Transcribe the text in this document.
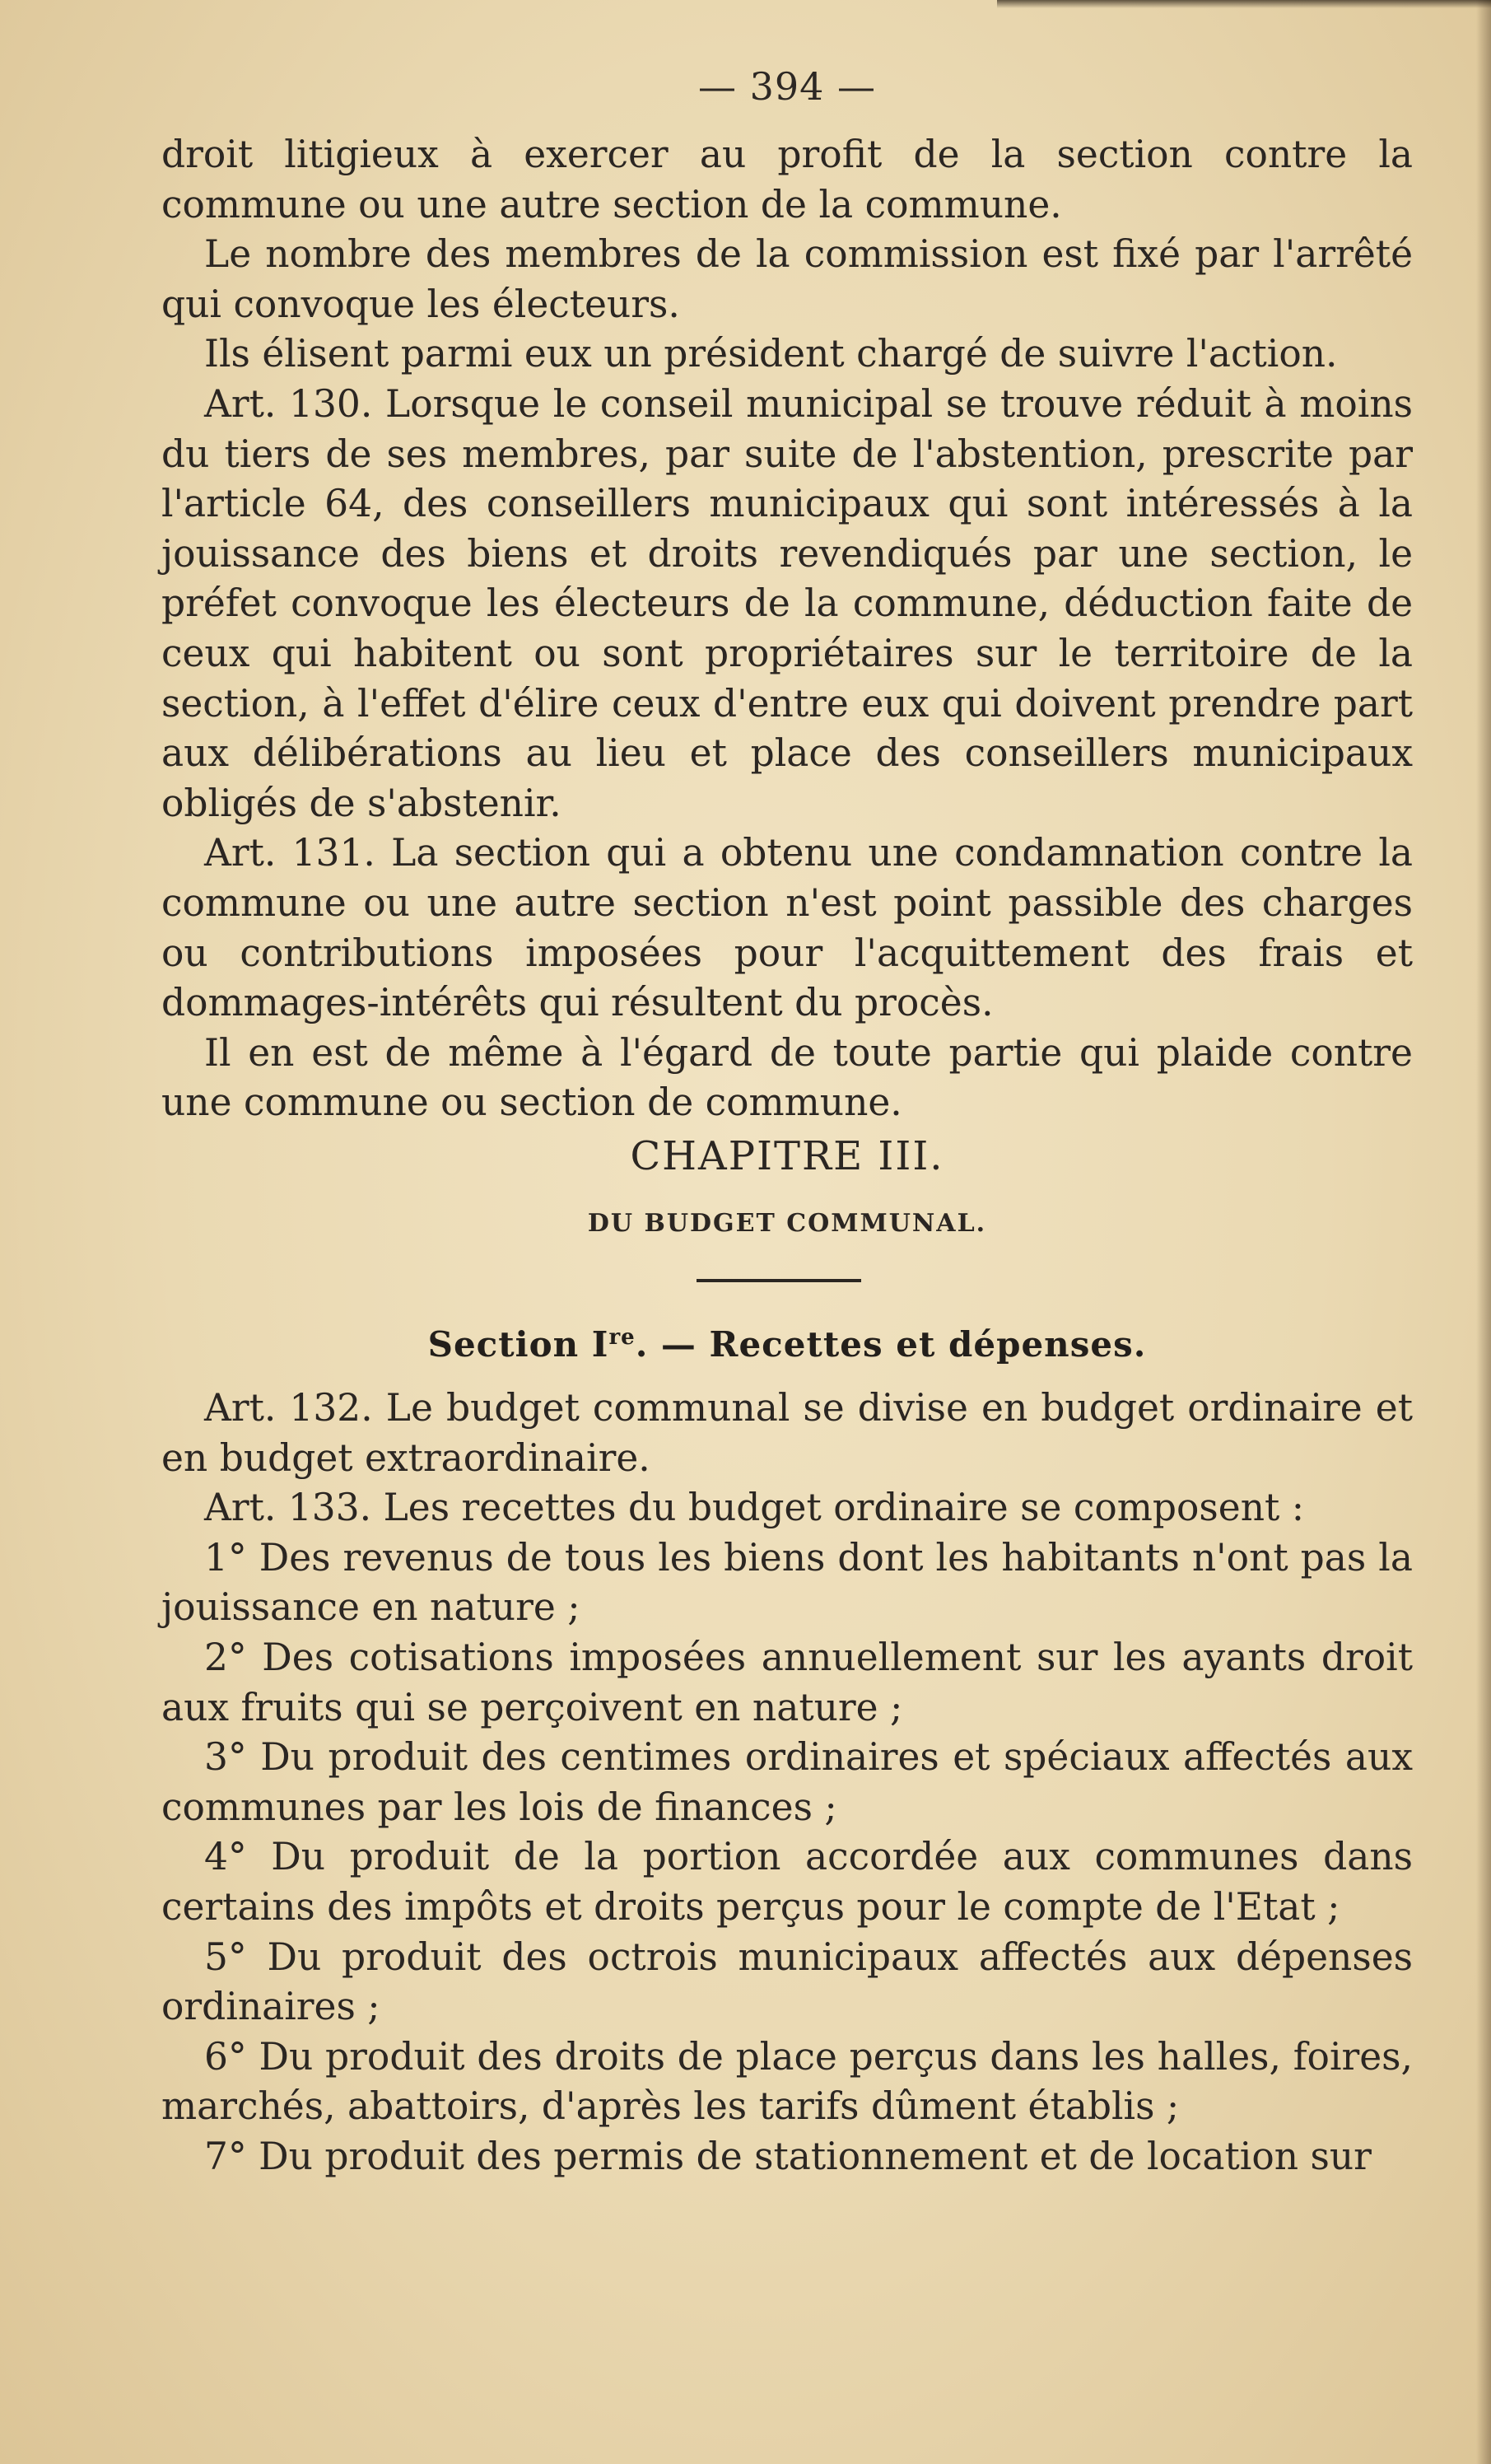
— 394 —

droit litigieux à exercer au profit de la section contre la commune ou une autre section de la commune.

Le nombre des membres de la commission est fixé par l'arrêté qui convoque les électeurs.

Ils élisent parmi eux un président chargé de suivre l'action.

Art. 130. Lorsque le conseil municipal se trouve réduit à moins du tiers de ses membres, par suite de l'abstention, prescrite par l'article 64, des conseillers municipaux qui sont intéressés à la jouissance des biens et droits revendiqués par une section, le préfet convoque les électeurs de la commune, déduction faite de ceux qui habitent ou sont propriétaires sur le territoire de la section, à l'effet d'élire ceux d'entre eux qui doivent prendre part aux délibérations au lieu et place des conseillers municipaux obligés de s'abstenir.

Art. 131. La section qui a obtenu une condamnation contre la commune ou une autre section n'est point passible des charges ou contributions imposées pour l'acquittement des frais et dommages-intérêts qui résultent du procès.

Il en est de même à l'égard de toute partie qui plaide contre une commune ou section de commune.

CHAPITRE III.
DU BUDGET COMMUNAL.
Section Ire. — Recettes et dépenses.

Art. 132. Le budget communal se divise en budget ordinaire et en budget extraordinaire.

Art. 133. Les recettes du budget ordinaire se composent :

1° Des revenus de tous les biens dont les habitants n'ont pas la jouissance en nature ;

2° Des cotisations imposées annuellement sur les ayants droit aux fruits qui se perçoivent en nature ;

3° Du produit des centimes ordinaires et spéciaux affectés aux communes par les lois de finances ;

4° Du produit de la portion accordée aux communes dans certains des impôts et droits perçus pour le compte de l'Etat ;

5° Du produit des octrois municipaux affectés aux dépenses ordinaires ;

6° Du produit des droits de place perçus dans les halles, foires, marchés, abattoirs, d'après les tarifs dûment établis ;

7° Du produit des permis de stationnement et de location sur
